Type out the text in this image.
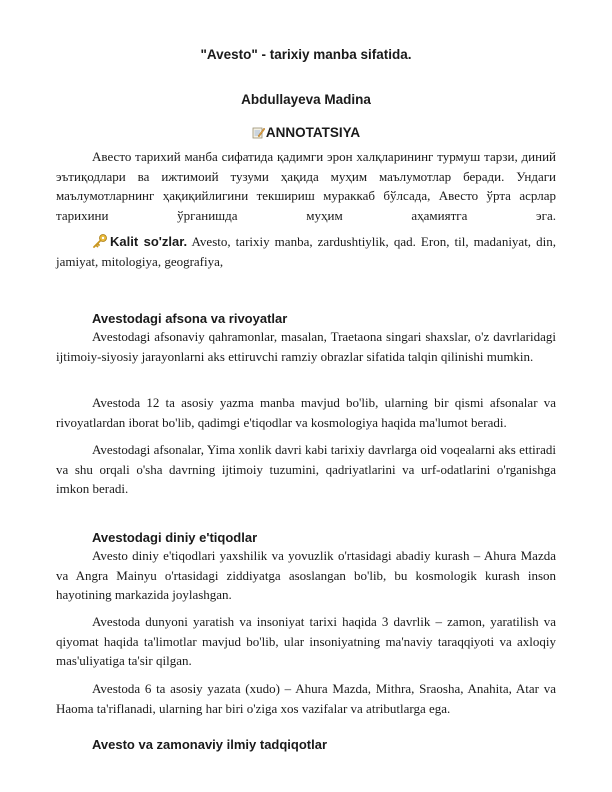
"Avesto" - tarixiy manba sifatida.
Abdullayeva Madina
ANNOTATSIYA

Авесто тарихий манба сифатида қадимги эрон халқларининг турмуш тарзи, диний эътиқодлари ва ижтимоий тузуми ҳақида муҳим маълумотлар беради. Ундаги маълумотларнинг ҳақиқийлигини текшириш мураккаб бўлсада, Авесто ўрта асрлар тарихини ўрганишда муҳим аҳамиятга эга.

Kalit so'zlar. Avesto, tarixiy manba, zardushtiylik, qad. Eron, til, madaniyat, din, jamiyat, mitologiya, geografiya,

Avestodagi afsona va rivoyatlar

Avestodagi afsonaviy qahramonlar, masalan, Traetaona singari shaxslar, o'z davrlaridagi ijtimoiy-siyosiy jarayonlarni aks ettiruvchi ramziy obrazlar sifatida talqin qilinishi mumkin.

Avestoda 12 ta asosiy yazma manba mavjud bo'lib, ularning bir qismi afsonalar va rivoyatlardan iborat bo'lib, qadimgi e'tiqodlar va kosmologiya haqida ma'lumot beradi.

Avestodagi afsonalar, Yima xonlik davri kabi tarixiy davrlarga oid voqealarni aks ettiradi va shu orqali o'sha davrning ijtimoiy tuzumini, qadriyatlarini va urf-odatlarini o'rganishga imkon beradi.

Avestodagi diniy e'tiqodlar

Avesto diniy e'tiqodlari yaxshilik va yovuzlik o'rtasidagi abadiy kurash – Ahura Mazda va Angra Mainyu o'rtasidagi ziddiyatga asoslangan bo'lib, bu kosmologik kurash inson hayotining markazida joylashgan.

Avestoda dunyoni yaratish va insoniyat tarixi haqida 3 davrlik – zamon, yaratilish va qiyomat haqida ta'limotlar mavjud bo'lib, ular insoniyatning ma'naviy taraqqiyoti va axloqiy mas'uliyatiga ta'sir qilgan.

Avestoda 6 ta asosiy yazata (xudo) – Ahura Mazda, Mithra, Sraosha, Anahita, Atar va Haoma ta'riflanadi, ularning har biri o'ziga xos vazifalar va atributlarga ega.

Avesto va zamonaviy ilmiy tadqiqotlar
